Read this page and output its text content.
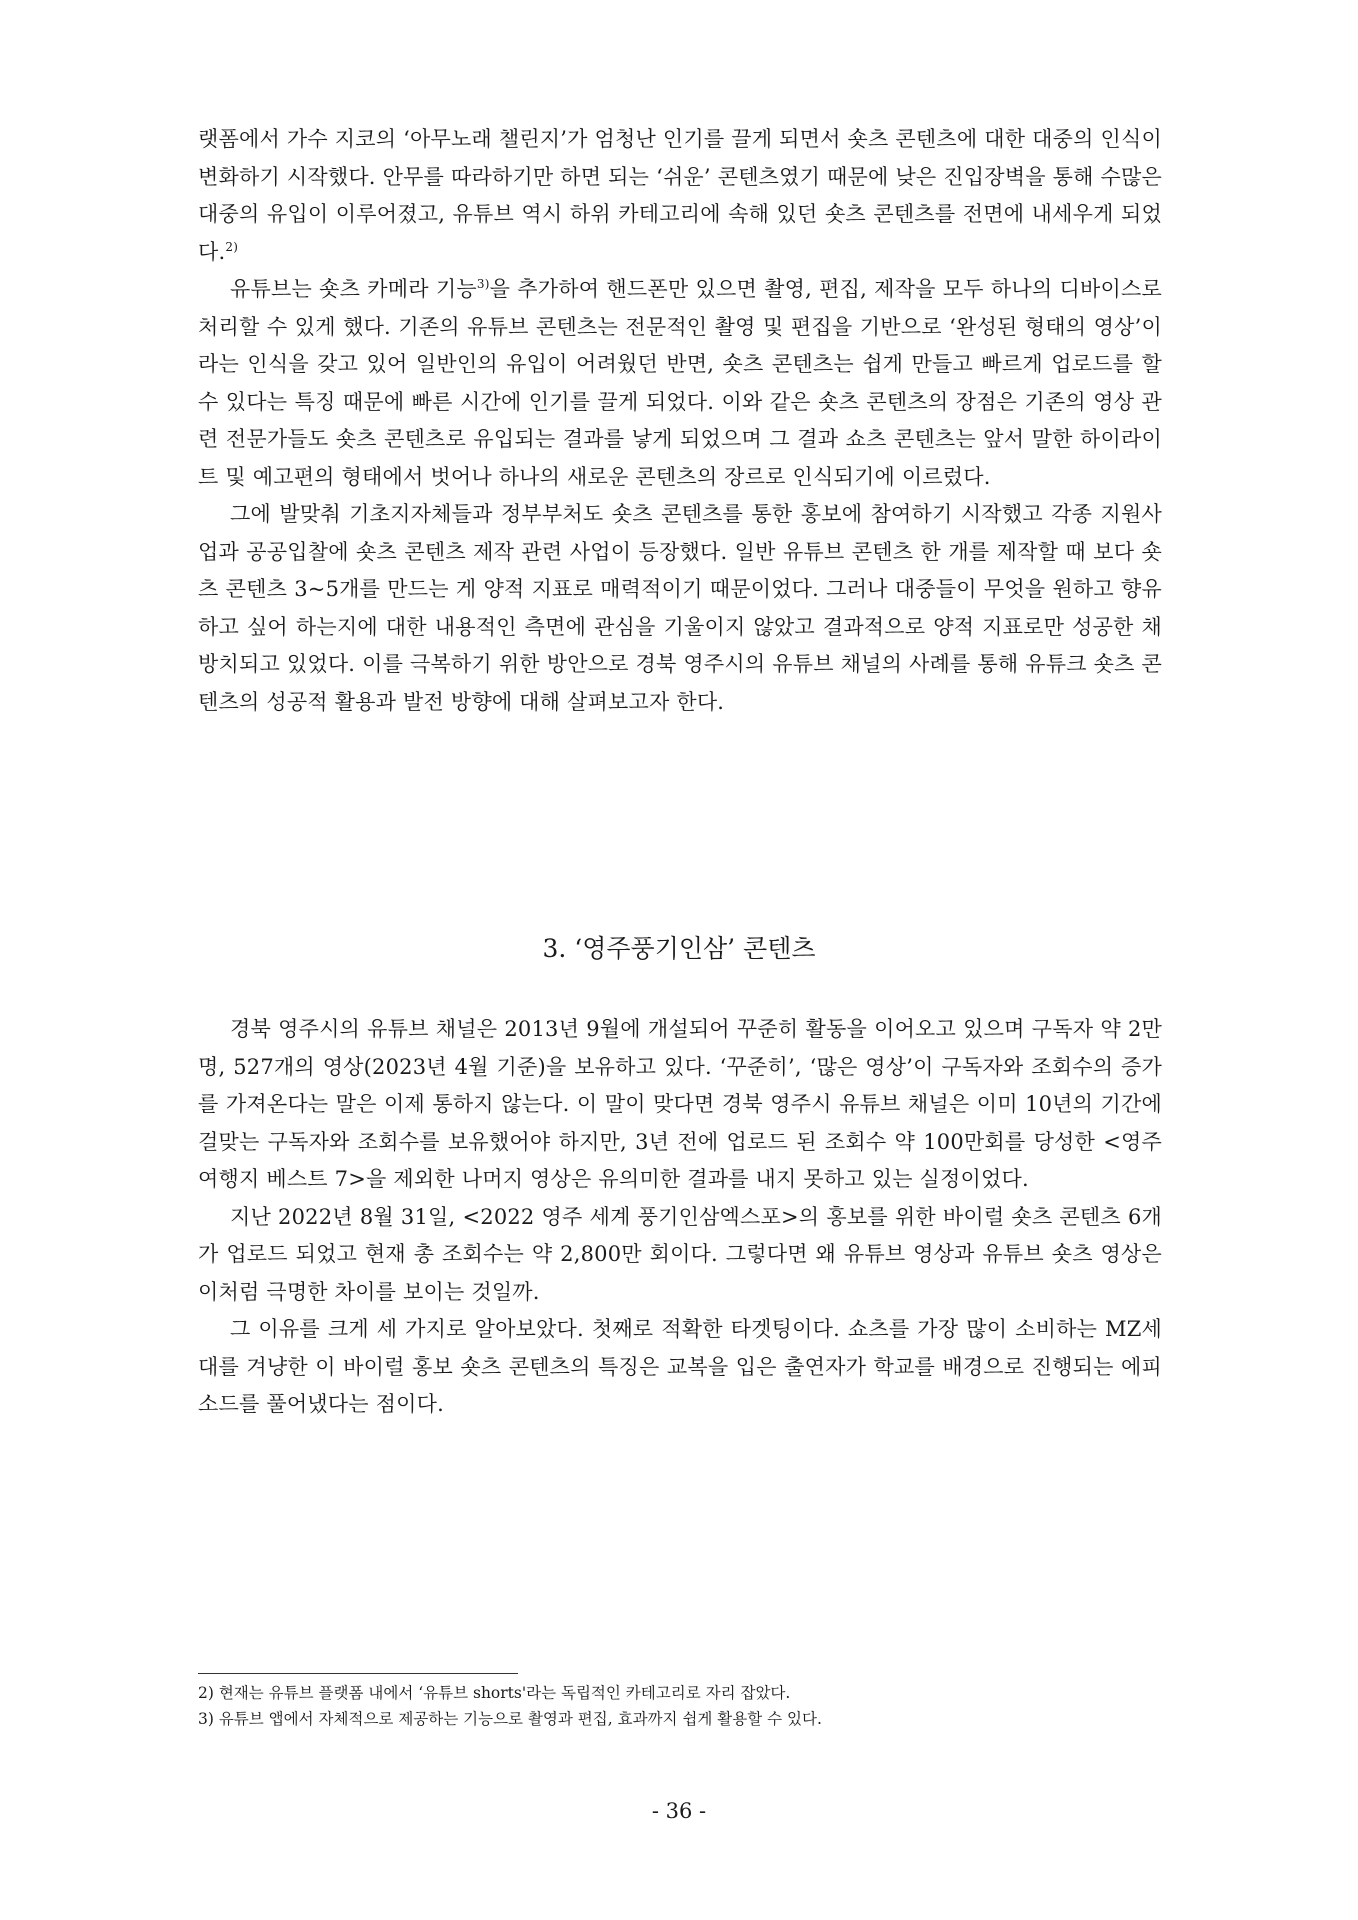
랫폼에서 가수 지코의 ‘아무노래 챌린지’가 엄청난 인기를 끌게 되면서 숏츠 콘텐츠에 대한 대중의 인식이 변화하기 시작했다. 안무를 따라하기만 하면 되는 ‘쉬운’ 콘텐츠였기 때문에 낮은 진입장벽을 통해 수많은 대중의 유입이 이루어졌고, 유튜브 역시 하위 카테고리에 속해 있던 숏츠 콘텐츠를 전면에 내세우게 되었다.$^{2)}$

유튜브는 숏츠 카메라 기능$^{3)}$을 추가하여 핸드폰만 있으면 촬영, 편집, 제작을 모두 하나의 디바이스로 처리할 수 있게 했다. 기존의 유튜브 콘텐츠는 전문적인 촬영 및 편집을 기반으로 ‘완성된 형태의 영상’이라는 인식을 갖고 있어 일반인의 유입이 어려웠던 반면, 숏츠 콘텐츠는 쉽게 만들고 빠르게 업로드를 할 수 있다는 특징 때문에 빠른 시간에 인기를 끌게 되었다. 이와 같은 숏츠 콘텐츠의 장점은 기존의 영상 관련 전문가들도 숏츠 콘텐츠로 유입되는 결과를 낳게 되었으며 그 결과 쇼츠 콘텐츠는 앞서 말한 하이라이트 및 예고편의 형태에서 벗어나 하나의 새로운 콘텐츠의 장르로 인식되기에 이르렀다.

그에 발맞춰 기초지자체들과 정부부처도 숏츠 콘텐츠를 통한 홍보에 참여하기 시작했고 각종 지원사업과 공공입찰에 숏츠 콘텐츠 제작 관련 사업이 등장했다. 일반 유튜브 콘텐츠 한 개를 제작할 때 보다 숏츠 콘텐츠 3~5개를 만드는 게 양적 지표로 매력적이기 때문이었다. 그러나 대중들이 무엇을 원하고 향유하고 싶어 하는지에 대한 내용적인 측면에 관심을 기울이지 않았고 결과적으로 양적 지표로만 성공한 채 방치되고 있었다. 이를 극복하기 위한 방안으로 경북 영주시의 유튜브 채널의 사례를 통해 유튜크 숏츠 콘텐츠의 성공적 활용과 발전 방향에 대해 살펴보고자 한다.

3. ‘영주풍기인삼’ 콘텐츠

경북 영주시의 유튜브 채널은 2013년 9월에 개설되어 꾸준히 활동을 이어오고 있으며 구독자 약 2만명, 527개의 영상(2023년 4월 기준)을 보유하고 있다. ‘꾸준히’, ‘많은 영상’이 구독자와 조회수의 증가를 가져온다는 말은 이제 통하지 않는다. 이 말이 맞다면 경북 영주시 유튜브 채널은 이미 10년의 기간에 걸맞는 구독자와 조회수를 보유했어야 하지만, 3년 전에 업로드 된 조회수 약 100만회를 당성한 <영주 여행지 베스트 7>을 제외한 나머지 영상은 유의미한 결과를 내지 못하고 있는 실정이었다.

지난 2022년 8월 31일, <2022 영주 세계 풍기인삼엑스포>의 홍보를 위한 바이럴 숏츠 콘텐츠 6개가 업로드 되었고 현재 총 조회수는 약 2,800만 회이다. 그렇다면 왜 유튜브 영상과 유튜브 숏츠 영상은 이처럼 극명한 차이를 보이는 것일까.

그 이유를 크게 세 가지로 알아보았다. 첫째로 적확한 타겟팅이다. 쇼츠를 가장 많이 소비하는 MZ세대를 겨냥한 이 바이럴 홍보 숏츠 콘텐츠의 특징은 교복을 입은 출연자가 학교를 배경으로 진행되는 에피소드를 풀어냈다는 점이다.

2) 현재는 유튜브 플랫폼 내에서 ‘유튜브 shorts'라는 독립적인 카테고리로 자리 잡았다.
3) 유튜브 앱에서 자체적으로 제공하는 기능으로 촬영과 편집, 효과까지 쉽게 활용할 수 있다.
- 36 -
